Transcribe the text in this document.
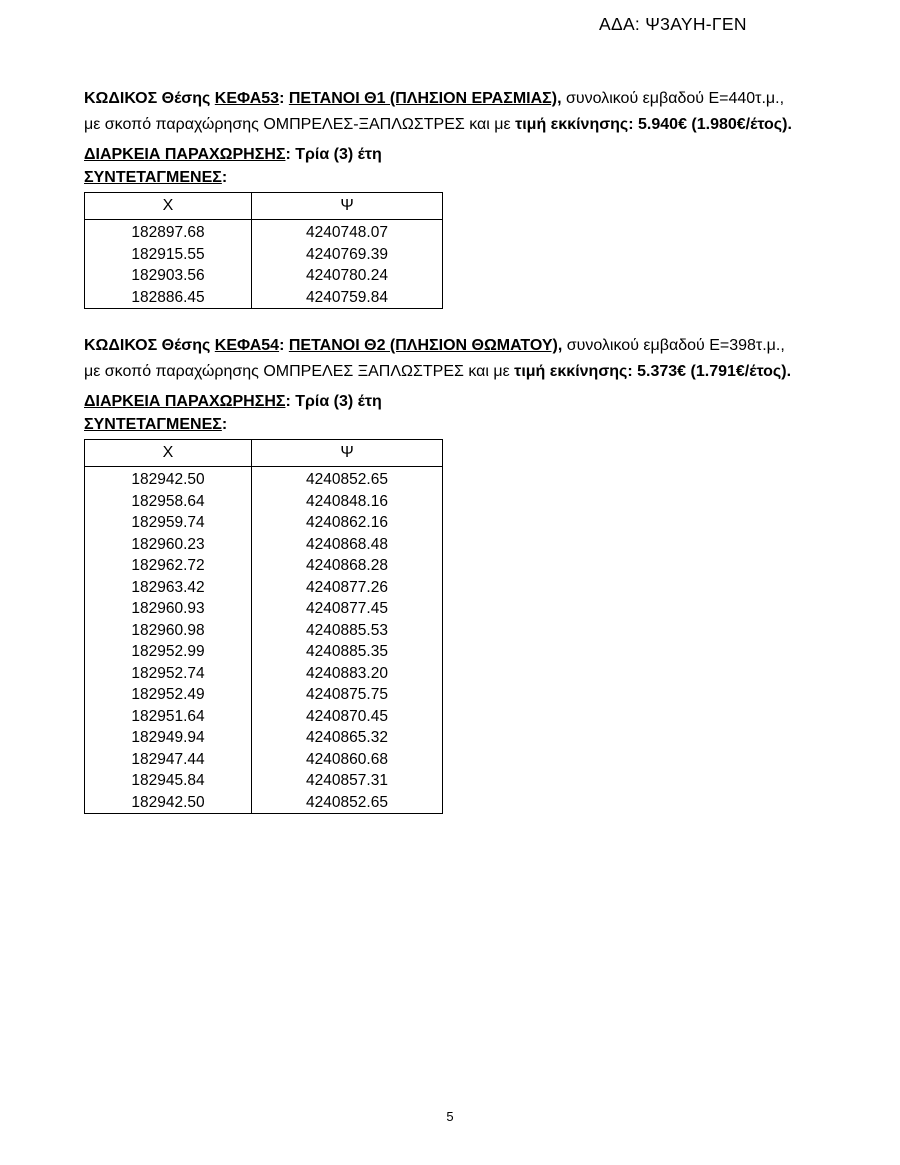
ΑΔΑ: Ψ3ΑΥΗ-ΓΕΝ

ΚΩΔΙΚΟΣ Θέσης ΚΕΦΑ53: ΠΕΤΑΝΟΙ Θ1 (ΠΛΗΣΙΟΝ ΕΡΑΣΜΙΑΣ), συνολικού εμβαδού Ε=440τ.μ.,
με σκοπό παραχώρησης ΟΜΠΡΕΛΕΣ-ΞΑΠΛΩΣΤΡΕΣ και με τιμή εκκίνησης: 5.940€ (1.980€/έτος).

ΔΙΑΡΚΕΙΑ ΠΑΡΑΧΩΡΗΣΗΣ: Τρία (3) έτη

ΣΥΝΤΕΤΑΓΜΕΝΕΣ:

X	Ψ
182897.68	4240748.07
182915.55	4240769.39
182903.56	4240780.24
182886.45	4240759.84

ΚΩΔΙΚΟΣ Θέσης ΚΕΦΑ54: ΠΕΤΑΝΟΙ Θ2 (ΠΛΗΣΙΟΝ ΘΩΜΑΤΟΥ), συνολικού εμβαδού Ε=398τ.μ.,
με σκοπό παραχώρησης ΟΜΠΡΕΛΕΣ ΞΑΠΛΩΣΤΡΕΣ και με τιμή εκκίνησης: 5.373€ (1.791€/έτος).

ΔΙΑΡΚΕΙΑ ΠΑΡΑΧΩΡΗΣΗΣ: Τρία (3) έτη

ΣΥΝΤΕΤΑΓΜΕΝΕΣ:

X	Ψ
182942.50	4240852.65
182958.64	4240848.16
182959.74	4240862.16
182960.23	4240868.48
182962.72	4240868.28
182963.42	4240877.26
182960.93	4240877.45
182960.98	4240885.53
182952.99	4240885.35
182952.74	4240883.20
182952.49	4240875.75
182951.64	4240870.45
182949.94	4240865.32
182947.44	4240860.68
182945.84	4240857.31
182942.50	4240852.65
5
